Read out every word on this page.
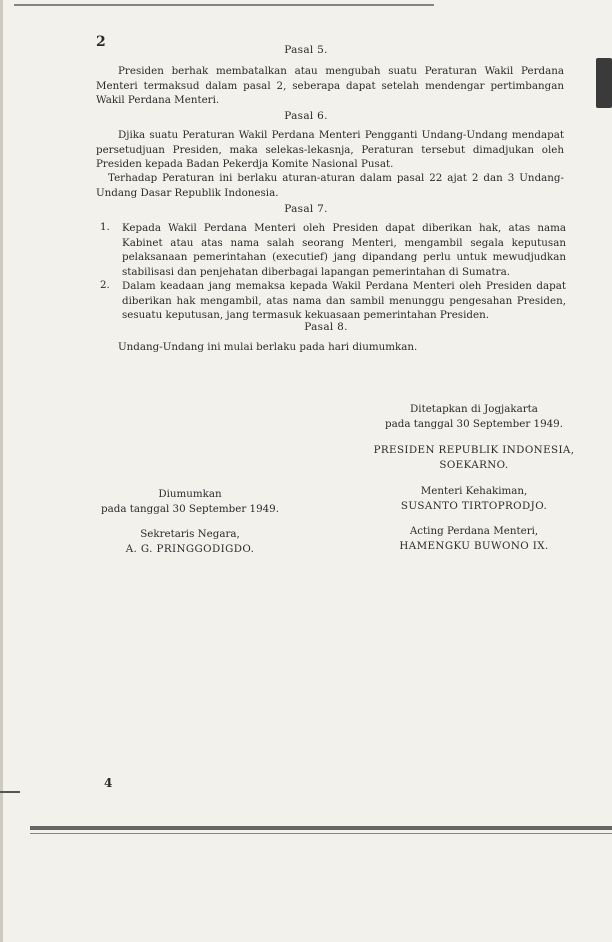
2	Pasal 5.
Presiden berhak membatalkan atau mengubah suatu Peraturan Wakil Perdana Menteri termaksud dalam pasal 2, seberapa dapat setelah mendengar pertimbangan Wakil Perdana Menteri.
Pasal 6.
Djika suatu Peraturan Wakil Perdana Menteri Pengganti Undang-Undang mendapat persetudjuan Presiden, maka selekas-lekasnja, Peraturan tersebut dimadjukan oleh Presiden kepada Badan Pekerdja Komite Nasional Pusat.
Terhadap Peraturan ini berlaku aturan-aturan dalam pasal 22 ajat 2 dan 3 Undang-Undang Dasar Republik Indonesia.
Pasal 7.
1. Kepada Wakil Perdana Menteri oleh Presiden dapat diberikan hak, atas nama Kabinet atau atas nama salah seorang Menteri, mengambil segala keputusan pelaksanaan pemerintahan (executief) jang dipandang perlu untuk mewudjudkan stabilisasi dan penjehatan diberbagai lapangan pemerintahan di Sumatra.
2. Dalam keadaan jang memaksa kepada Wakil Perdana Menteri oleh Presiden dapat diberikan hak mengambil, atas nama dan sambil menunggu pengesahan Presiden, sesuatu keputusan, jang termasuk kekuasaan pemerintahan Presiden.
Pasal 8.
Undang-Undang ini mulai berlaku pada hari diumumkan.
Ditetapkan di Jogjakarta
pada tanggal 30 September 1949.
PRESIDEN REPUBLIK INDONESIA,
SOEKARNO.
Menteri Kehakiman,
SUSANTO TIRTOPRODJO.
Acting Perdana Menteri,
HAMENGKU BUWONO IX.
Diumumkan
pada tanggal 30 September 1949.
Sekretaris Negara,
A. G. PRINGGODIGDO.
4
